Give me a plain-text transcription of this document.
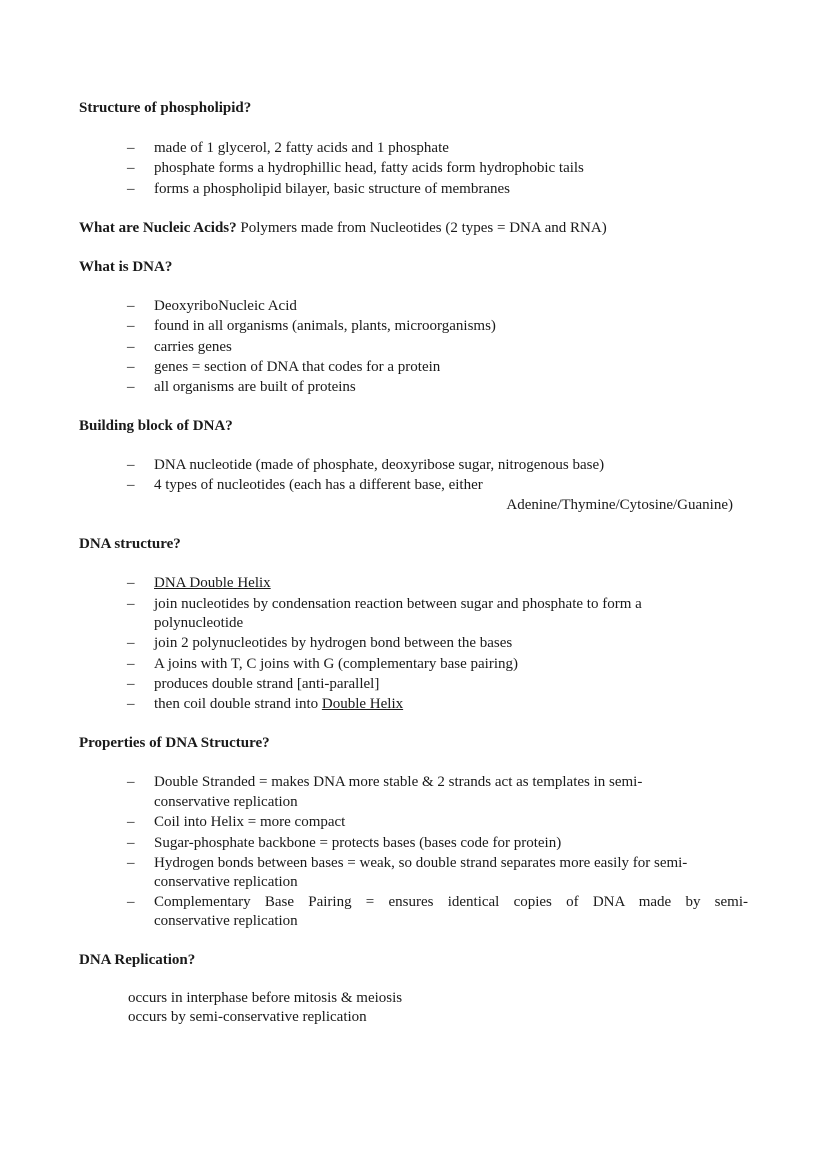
Structure of phospholipid?
– made of 1 glycerol, 2 fatty acids and 1 phosphate
– phosphate forms a hydrophillic head, fatty acids form hydrophobic tails
– forms a phospholipid bilayer, basic structure of membranes
What are Nucleic Acids? Polymers made from Nucleotides (2 types = DNA and RNA)
What is DNA?
– DeoxyriboNucleic Acid
– found in all organisms (animals, plants, microorganisms)
– carries genes
– genes = section of DNA that codes for a protein
– all organisms are built of proteins
Building block of DNA?
– DNA nucleotide (made of phosphate, deoxyribose sugar, nitrogenous base)
– 4 types of nucleotides (each has a different base, either
Adenine/Thymine/Cytosine/Guanine)
DNA structure?
– DNA Double Helix
– join nucleotides by condensation reaction between sugar and phosphate to form a
polynucleotide
– join 2 polynucleotides by hydrogen bond between the bases
– A joins with T, C joins with G (complementary base pairing)
– produces double strand [anti-parallel]
– then coil double strand into Double Helix
Properties of DNA Structure?
– Double Stranded = makes DNA more stable & 2 strands act as templates in semi-
conservative replication
– Coil into Helix = more compact
– Sugar-phosphate backbone = protects bases (bases code for protein)
– Hydrogen bonds between bases = weak, so double strand separates more easily for semi-
conservative replication
– Complementary Base Pairing = ensures identical copies of DNA made by semi-
conservative replication
DNA Replication?
occurs in interphase before mitosis & meiosis
occurs by semi-conservative replication
